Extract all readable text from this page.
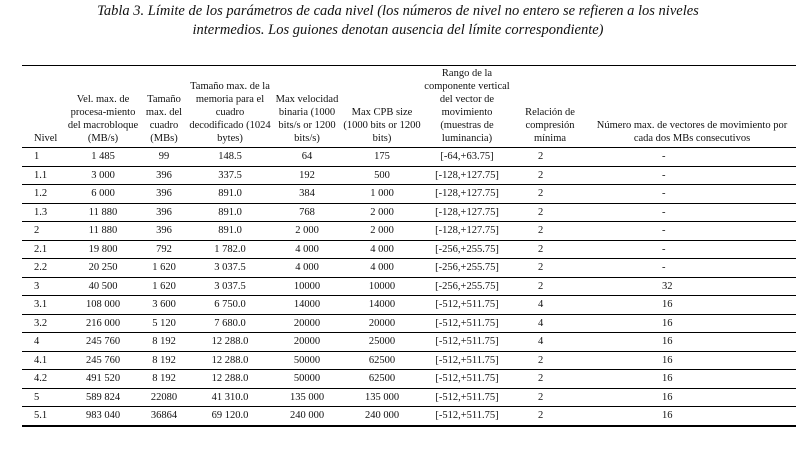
Tabla 3. Límite de los parámetros de cada nivel (los números de nivel no entero se refieren a los niveles
intermedios. Los guiones denotan ausencia del límite correspondiente)
Nivel	Vel. max. de procesa-miento del macrobloque (MB/s)	Tamaño max. del cuadro (MBs)	Tamaño max. de la memoria para el cuadro decodificado (1024 bytes)	Max velocidad binaria (1000 bits/s or 1200 bits/s)	Max CPB size (1000 bits or 1200 bits)	Rango de la componente vertical del vector de movimiento (muestras de luminancia)	Relación de compresión mínima	Número max. de vectores de movimiento por cada dos MBs consecutivos
1	1 485	99	148.5	64	175	[-64,+63.75]	2	-
1.1	3 000	396	337.5	192	500	[-128,+127.75]	2	-
1.2	6 000	396	891.0	384	1 000	[-128,+127.75]	2	-
1.3	11 880	396	891.0	768	2 000	[-128,+127.75]	2	-
2	11 880	396	891.0	2 000	2 000	[-128,+127.75]	2	-
2.1	19 800	792	1 782.0	4 000	4 000	[-256,+255.75]	2	-
2.2	20 250	1 620	3 037.5	4 000	4 000	[-256,+255.75]	2	-
3	40 500	1 620	3 037.5	10000	10000	[-256,+255.75]	2	32
3.1	108 000	3 600	6 750.0	14000	14000	[-512,+511.75]	4	16
3.2	216 000	5 120	7 680.0	20000	20000	[-512,+511.75]	4	16
4	245 760	8 192	12 288.0	20000	25000	[-512,+511.75]	4	16
4.1	245 760	8 192	12 288.0	50000	62500	[-512,+511.75]	2	16
4.2	491 520	8 192	12 288.0	50000	62500	[-512,+511.75]	2	16
5	589 824	22080	41 310.0	135 000	135 000	[-512,+511.75]	2	16
5.1	983 040	36864	69 120.0	240 000	240 000	[-512,+511.75]	2	16
